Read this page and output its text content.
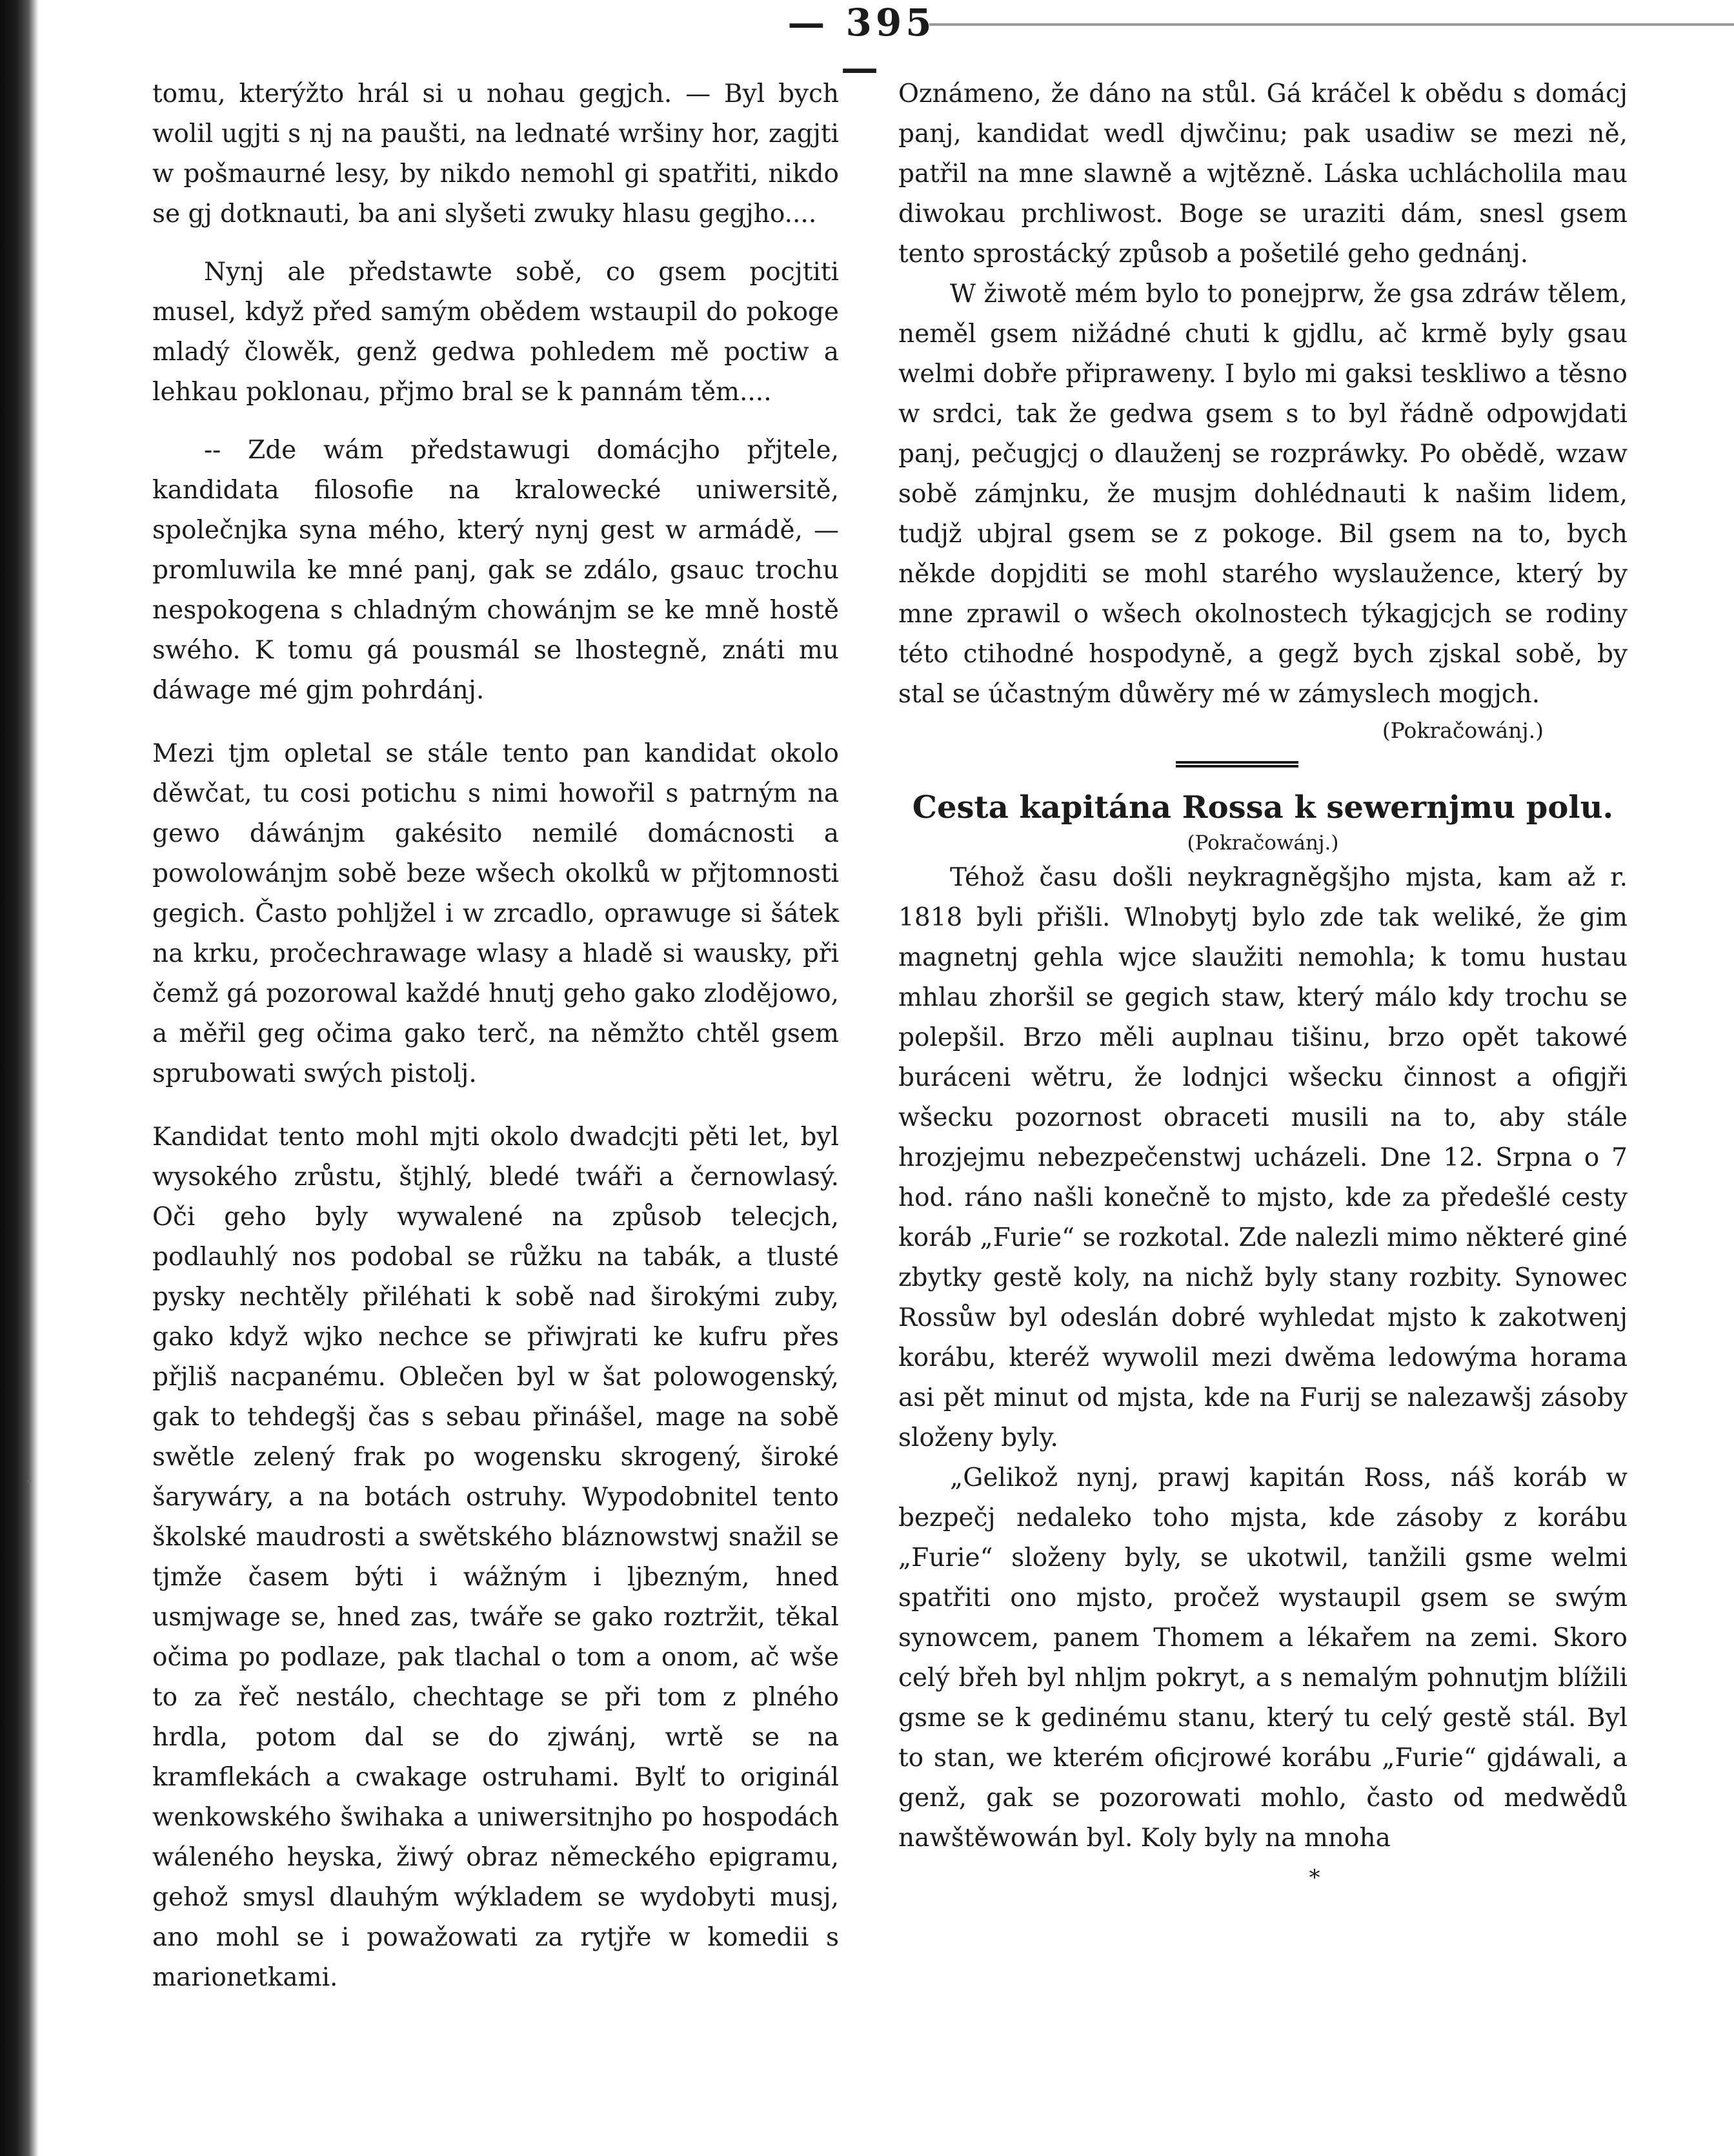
•
— 395 —

tomu, kterýžto hrál si u nohau gegjch. — Byl bych wolil ugjti s nj na paušti, na lednaté wršiny hor, zagjti w pošmaurné lesy, by nikdo nemohl gi spatřiti, nikdo se gj dotknauti, ba ani slyšeti zwuky hlasu gegjho....

Nynj ale předstawte sobě, co gsem pocjtiti musel, když před samým obědem wstaupil do pokoge mladý člowěk, genž gedwa pohledem mě poctiw a lehkau poklonau, přjmo bral se k pannám těm....

-- Zde wám předstawugi domácjho přjtele, kandidata filosofie na kralowecké uniwersitě, společnjka syna mého, který nynj gest w armádě, — promluwila ke mné panj, gak se zdálo, gsauc trochu nespokogena s chladným chowánjm se ke mně hostě swého. K tomu gá pousmál se lhostegně, znáti mu dáwage mé gjm pohrdánj.

Mezi tjm opletal se stále tento pan kandidat okolo děwčat, tu cosi potichu s nimi howořil s patrným na gewo dáwánjm gakésito nemilé domácnosti a powolowánjm sobě beze wšech okolků w přjtomnosti gegich. Často pohljžel i w zrcadlo, oprawuge si šátek na krku, pročechrawage wlasy a hladě si wausky, při čemž gá pozorowal každé hnutj geho gako zlodějowo, a měřil geg očima gako terč, na němžto chtěl gsem sprubowati swých pistolj.

Kandidat tento mohl mjti okolo dwadcjti pěti let, byl wysokého zrůstu, štjhlý, bledé twáři a černowlasý. Oči geho byly wywalené na způsob telecjch, podlauhlý nos podobal se růžku na tabák, a tlusté pysky nechtěly přiléhati k sobě nad širokými zuby, gako když wjko nechce se přiwjrati ke kufru přes přjliš nacpanému. Oblečen byl w šat polowogenský, gak to tehdegšj čas s sebau přinášel, mage na sobě swětle zelený frak po wogensku skrogený, široké šarywáry, a na botách ostruhy. Wypodobnitel tento školské maudrosti a swětského bláznowstwj snažil se tjmže časem býti i wážným i ljbezným, hned usmjwage se, hned zas, twáře se gako roztržit, těkal očima po podlaze, pak tlachal o tom a onom, ač wše to za řeč nestálo, chechtage se při tom z plného hrdla, potom dal se do zjwánj, wrtě se na kramflekách a cwakage ostruhami. Bylť to originál wenkowského šwihaka a uniwersitnjho po hospodách wáleného heyska, žiwý obraz německého epigramu, gehož smysl dlauhým wýkladem se wydobyti musj, ano mohl se i powažowati za rytjře w komedii s marionetkami.

Oznámeno, že dáno na stůl. Gá kráčel k obědu s domácj panj, kandidat wedl djwčinu; pak usadiw se mezi ně, patřil na mne slawně a wjtězně. Láska uchlácholila mau diwokau prchliwost. Boge se uraziti dám, snesl gsem tento sprostácký způsob a pošetilé geho gednánj.

W žiwotě mém bylo to ponejprw, že gsa zdráw tělem, neměl gsem nižádné chuti k gjdlu, ač krmě byly gsau welmi dobře připraweny. I bylo mi gaksi teskliwo a těsno w srdci, tak že gedwa gsem s to byl řádně odpowjdati panj, pečugjcj o dlauženj se rozpráwky. Po obědě, wzaw sobě zámjnku, že musjm dohlédnauti k našim lidem, tudjž ubjral gsem se z pokoge. Bil gsem na to, bych někde dopjditi se mohl starého wyslaužence, který by mne zprawil o wšech okolnostech týkagjcjch se rodiny této ctihodné hospodyně, a gegž bych zjskal sobě, by stal se účastným důwěry mé w zámyslech mogjch.

(Pokračowánj.)

Cesta kapitána Rossa k sewernjmu polu.

(Pokračowánj.)

Téhož času došli neykragněgšjho mjsta, kam až r. 1818 byli přišli. Wlnobytj bylo zde tak weliké, že gim magnetnj gehla wjce slaužiti nemohla; k tomu hustau mhlau zhoršil se gegich staw, který málo kdy trochu se polepšil. Brzo měli auplnau tišinu, brzo opět takowé buráceni wětru, že lodnjci wšecku činnost a ofigjři wšecku pozornost obraceti musili na to, aby stále hrozjejmu nebezpečenstwj ucházeli. Dne 12. Srpna o 7 hod. ráno našli konečně to mjsto, kde za předešlé cesty koráb „Furie“ se rozkotal. Zde nalezli mimo některé giné zbytky gestě koly, na nichž byly stany rozbity. Synowec Rossůw byl odeslán dobré wyhledat mjsto k zakotwenj korábu, kteréž wywolil mezi dwěma ledowýma horama asi pět minut od mjsta, kde na Furij se nalezawšj zásoby složeny byly.

„Gelikož nynj, prawj kapitán Ross, náš koráb w bezpečj nedaleko toho mjsta, kde zásoby z korábu „Furie“ složeny byly, se ukotwil, tanžili gsme welmi spatřiti ono mjsto, pročež wystaupil gsem se swým synowcem, panem Thomem a lékařem na zemi. Skoro celý břeh byl nhljm pokryt, a s nemalým pohnutjm blížili gsme se k gedinému stanu, který tu celý gestě stál. Byl to stan, we kterém oficjrowé korábu „Furie“ gjdáwali, a genž, gak se pozorowati mohlo, často od medwědů nawštěwowán byl. Koly byly na mnoha

*
